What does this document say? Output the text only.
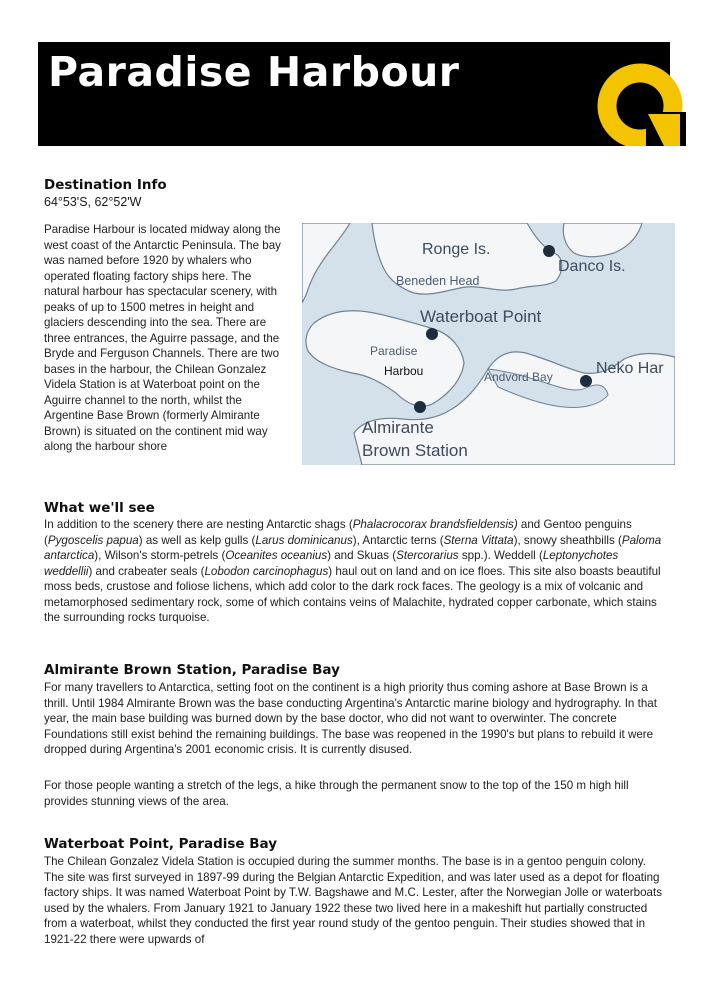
Paradise Harbour
Destination Info

64°53'S, 62°52'W

Paradise Harbour is located midway along the west coast of the Antarctic Peninsula. The bay was named before 1920 by whalers who operated floating factory ships here. The natural harbour has spectacular scenery, with peaks of up to 1500 metres in height and glaciers descending into the sea. There are three entrances, the Aguirre passage, and the Bryde and Ferguson Channels. There are two bases in the harbour, the Chilean Gonzalez Videla Station is at Waterboat point on the Aguirre channel to the north, whilst the Argentine Base Brown (formerly Almirante Brown) is situated on the continent mid way along the harbour shore

Ronge Is.
Danco Is.
Beneden Head
Waterboat Point
Paradise
Harbou	Andvord Bay	Neko Har
Almirante
Brown Station
What we'll see

In addition to the scenery there are nesting Antarctic shags (Phalacrocorax brandsfieldensis) and Gentoo penguins (Pygoscelis papua) as well as kelp gulls (Larus dominicanus), Antarctic terns (Sterna Vittata), snowy sheathbills (Paloma antarctica), Wilson's storm-petrels (Oceanites oceanius) and Skuas (Stercorarius spp.). Weddell (Leptonychotes weddellii) and crabeater seals (Lobodon carcinophagus) haul out on land and on ice floes. This site also boasts beautiful moss beds, crustose and foliose lichens, which add color to the dark rock faces. The geology is a mix of volcanic and metamorphosed sedimentary rock, some of which contains veins of Malachite, hydrated copper carbonate, which stains the surrounding rocks turquoise.

Almirante Brown Station, Paradise Bay

For many travellers to Antarctica, setting foot on the continent is a high priority thus coming ashore at Base Brown is a thrill. Until 1984 Almirante Brown was the base conducting Argentina's Antarctic marine biology and hydrography. In that year, the main base building was burned down by the base doctor, who did not want to overwinter. The concrete Foundations still exist behind the remaining buildings. The base was reopened in the 1990's but plans to rebuild it were dropped during Argentina's 2001 economic crisis. It is currently disused.

For those people wanting a stretch of the legs, a hike through the permanent snow to the top of the 150 m high hill provides stunning views of the area.

Waterboat Point, Paradise Bay

The Chilean Gonzalez Videla Station is occupied during the summer months. The base is in a gentoo penguin colony. The site was first surveyed in 1897-99 during the Belgian Antarctic Expedition, and was later used as a depot for floating factory ships. It was named Waterboat Point by T.W. Bagshawe and M.C. Lester, after the Norwegian Jolle or waterboats used by the whalers. From January 1921 to January 1922 these two lived here in a makeshift hut partially constructed from a waterboat, whilst they conducted the first year round study of the gentoo penguin. Their studies showed that in 1921-22 there were upwards of
